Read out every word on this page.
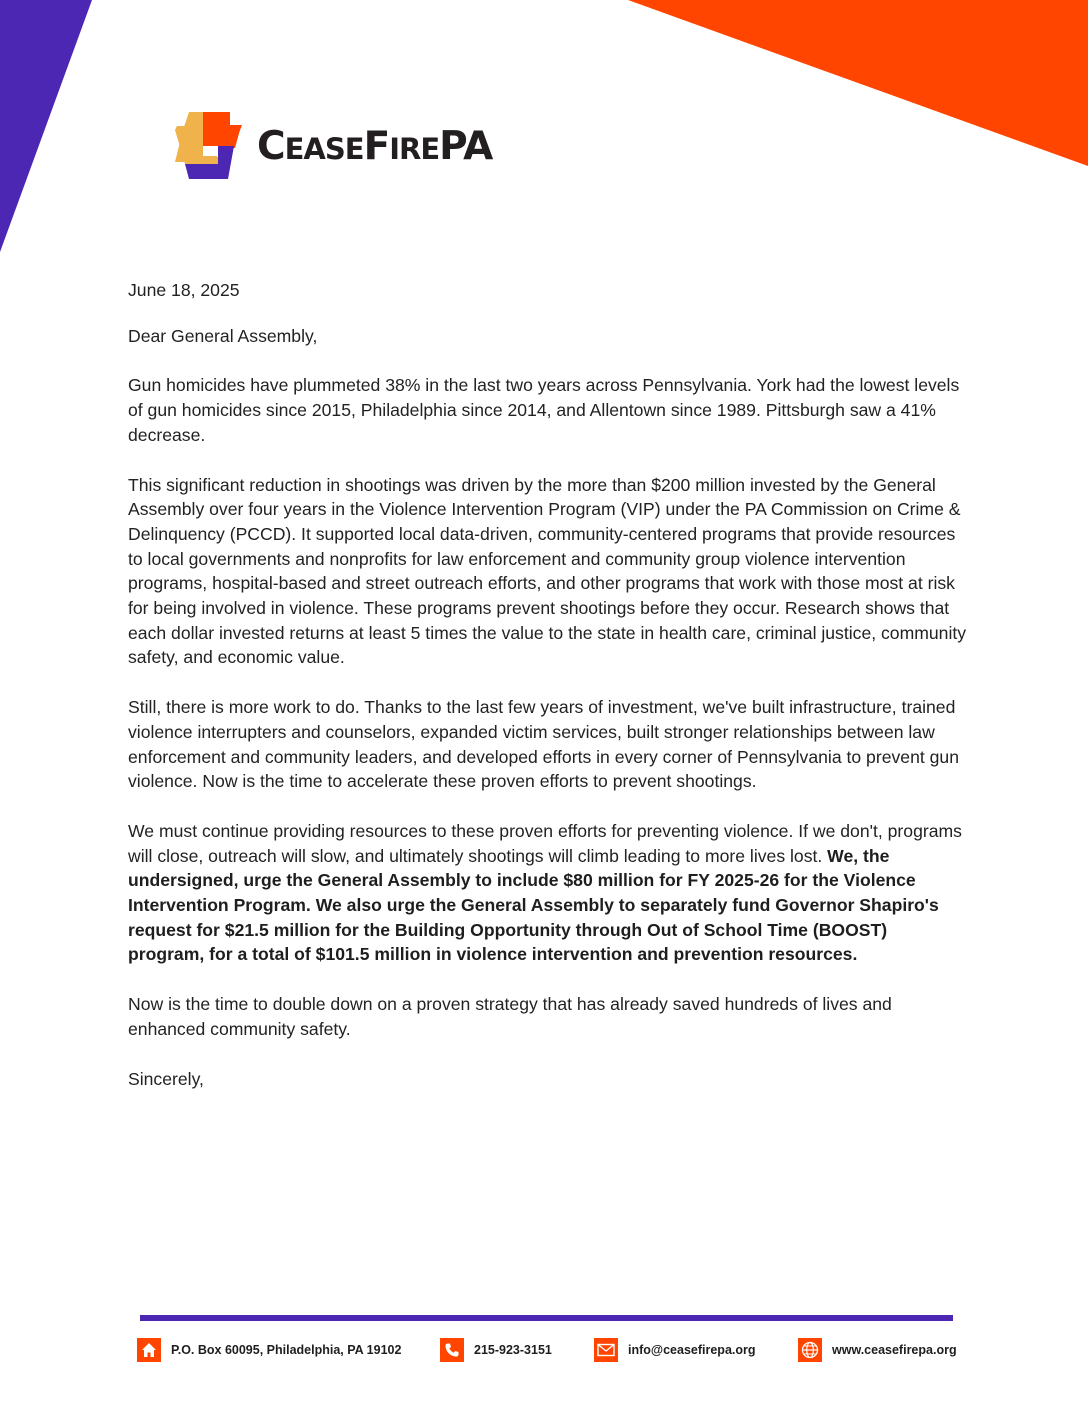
C EASE F IRE PA

June 18, 2025

Dear General Assembly,

Gun homicides have plummeted 38% in the last two years across Pennsylvania. York had the lowest levels of gun homicides since 2015, Philadelphia since 2014, and Allentown since 1989. Pittsburgh saw a 41% decrease.

This significant reduction in shootings was driven by the more than $200 million invested by the General Assembly over four years in the Violence Intervention Program (VIP) under the PA Commission on Crime & Delinquency (PCCD). It supported local data-driven, community-centered programs that provide resources to local governments and nonprofits for law enforcement and community group violence intervention programs, hospital-based and street outreach efforts, and other programs that work with those most at risk for being involved in violence. These programs prevent shootings before they occur. Research shows that each dollar invested returns at least 5 times the value to the state in health care, criminal justice, community safety, and economic value.

Still, there is more work to do. Thanks to the last few years of investment, we've built infrastructure, trained violence interrupters and counselors, expanded victim services, built stronger relationships between law enforcement and community leaders, and developed efforts in every corner of Pennsylvania to prevent gun violence. Now is the time to accelerate these proven efforts to prevent shootings.

We must continue providing resources to these proven efforts for preventing violence. If we don't, programs will close, outreach will slow, and ultimately shootings will climb leading to more lives lost. We, the undersigned, urge the General Assembly to include $80 million for FY 2025-26 for the Violence Intervention Program. We also urge the General Assembly to separately fund Governor Shapiro's request for $21.5 million for the Building Opportunity through Out of School Time (BOOST) program, for a total of $101.5 million in violence intervention and prevention resources.

Now is the time to double down on a proven strategy that has already saved hundreds of lives and enhanced community safety.

Sincerely,

P.O. Box 60095, Philadelphia, PA 19102	215-923-3151	info@ceasefirepa.org	www.ceasefirepa.org
